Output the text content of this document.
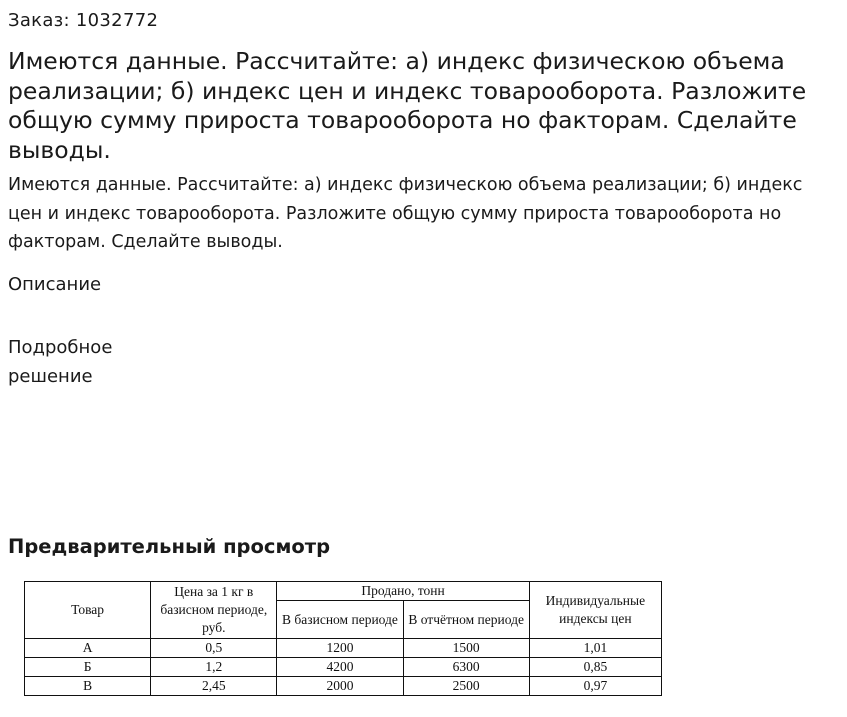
Заказ: 1032772
Имеются данные. Рассчитайте: а) индекс физическою объема реализации; б) индекс цен и индекс товарооборота. Разложите общую сумму прироста товарооборота но факторам. Сделайте выводы.

Имеются данные. Рассчитайте: а) индекс физическою объема реализации; б) индекс цен и индекс товарооборота. Разложите общую сумму прироста товарооборота но факторам. Сделайте выводы.

Описание
Подробное решение
Предварительный просмотр
Товар	Цена за 1 кг в базисном периоде, руб.	Продано, тонн		Индивидуальные индексы цен
		В базисном периоде	В отчётном периоде	
А	0,5	1200	1500	1,01
Б	1,2	4200	6300	0,85
В	2,45	2000	2500	0,97
